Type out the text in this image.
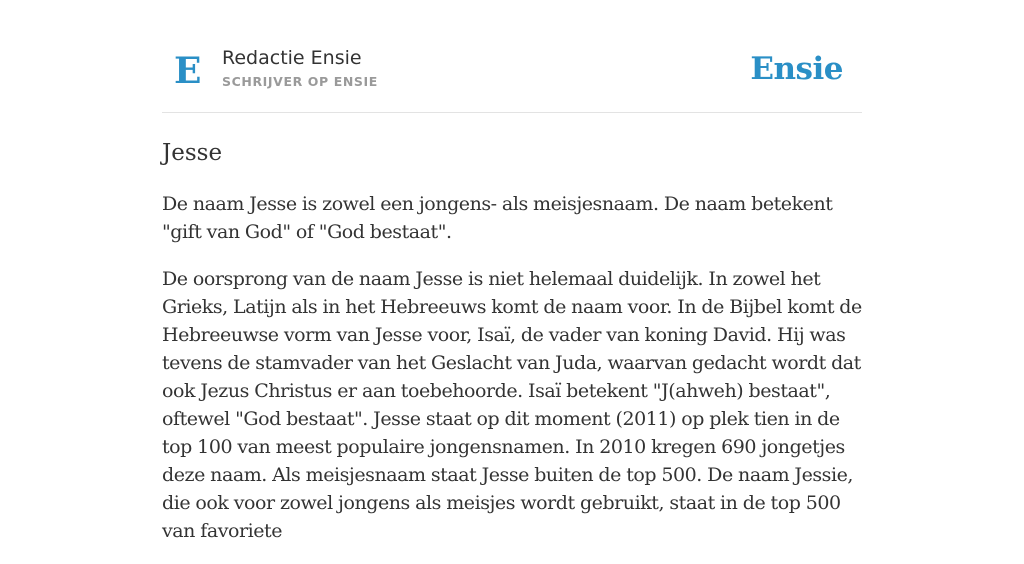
E Redactie Ensie
SCHRIJVER OP ENSIE	Ensie
Jesse

De naam Jesse is zowel een jongens- als meisjesnaam. De naam betekent "gift van God" of "God bestaat".

De oorsprong van de naam Jesse is niet helemaal duidelijk. In zowel het Grieks, Latijn als in het Hebreeuws komt de naam voor. In de Bijbel komt de Hebreeuwse vorm van Jesse voor, Isaï, de vader van koning David. Hij was tevens de stamvader van het Geslacht van Juda, waarvan gedacht wordt dat ook Jezus Christus er aan toebehoorde. Isaï betekent "J(ahweh) bestaat", oftewel "God bestaat". Jesse staat op dit moment (2011) op plek tien in de top 100 van meest populaire jongensnamen. In 2010 kregen 690 jongetjes deze naam. Als meisjesnaam staat Jesse buiten de top 500. De naam Jessie, die ook voor zowel jongens als meisjes wordt gebruikt, staat in de top 500 van favoriete
